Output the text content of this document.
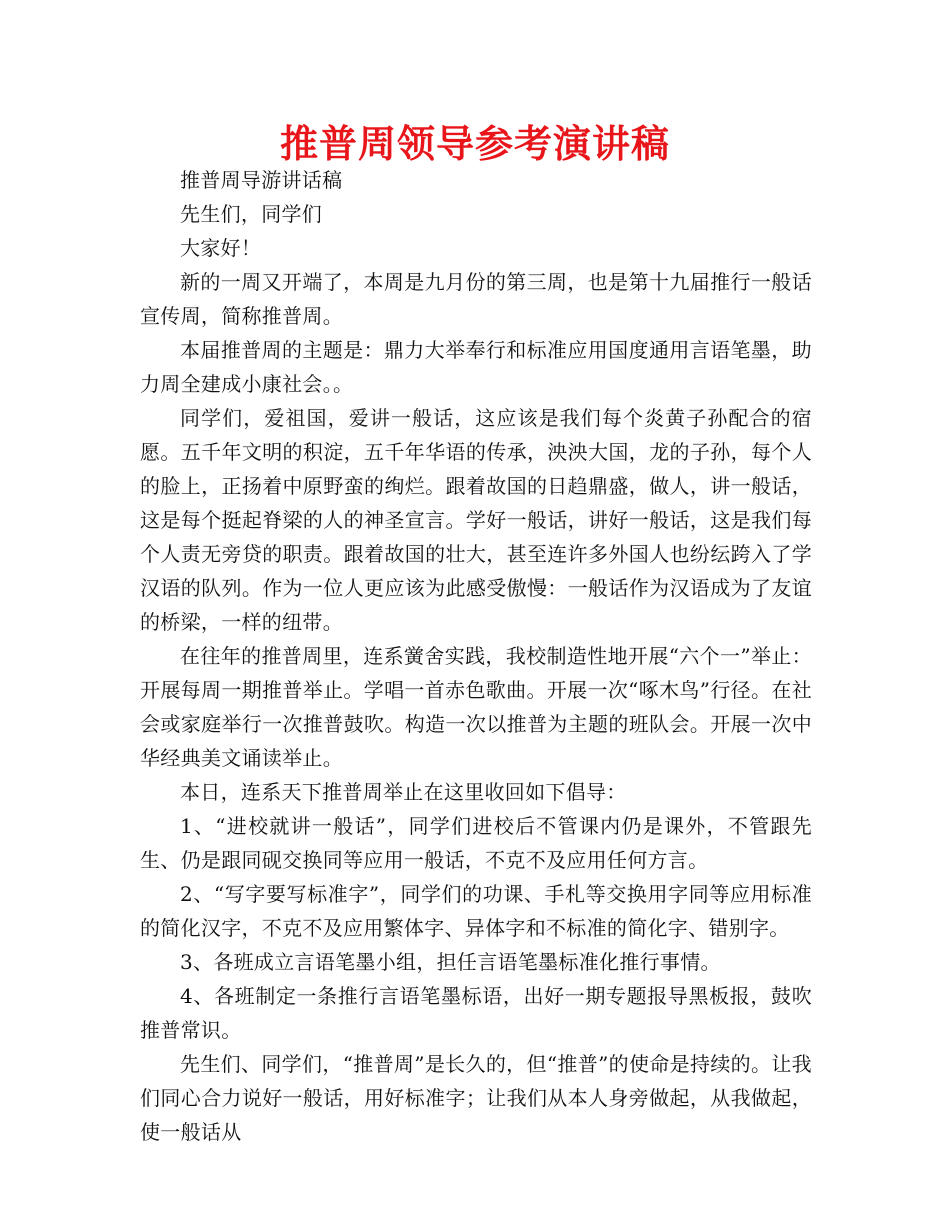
推普周领导参考演讲稿

推普周导游讲话稿

先生们，同学们

大家好！

新的一周又开端了，本周是九月份的第三周，也是第十九届推行一般话宣传周，简称推普周。

本届推普周的主题是：鼎力大举奉行和标准应用国度通用言语笔墨，助力周全建成小康社会。。

同学们，爱祖国，爱讲一般话，这应该是我们每个炎黄子孙配合的宿愿。五千年文明的积淀，五千年华语的传承，泱泱大国，龙的子孙，每个人的脸上，正扬着中原野蛮的绚烂。跟着故国的日趋鼎盛，做人，讲一般话，这是每个挺起脊梁的人的神圣宣言。学好一般话，讲好一般话，这是我们每个人责无旁贷的职责。跟着故国的壮大，甚至连许多外国人也纷纭跨入了学汉语的队列。作为一位人更应该为此感受傲慢：一般话作为汉语成为了友谊的桥梁，一样的纽带。

在往年的推普周里，连系黉舍实践，我校制造性地开展“六个一”举止：开展每周一期推普举止。学唱一首赤色歌曲。开展一次“啄木鸟”行径。在社会或家庭举行一次推普鼓吹。构造一次以推普为主题的班队会。开展一次中华经典美文诵读举止。

本日，连系天下推普周举止在这里收回如下倡导：

1、“进校就讲一般话”，同学们进校后不管课内仍是课外，不管跟先生、仍是跟同砚交换同等应用一般话，不克不及应用任何方言。

2、“写字要写标准字”，同学们的功课、手札等交换用字同等应用标准的简化汉字，不克不及应用繁体字、异体字和不标准的简化字、错别字。

3、各班成立言语笔墨小组，担任言语笔墨标准化推行事情。

4、各班制定一条推行言语笔墨标语，出好一期专题报导黑板报，鼓吹推普常识。

先生们、同学们，“推普周”是长久的，但“推普”的使命是持续的。让我们同心合力说好一般话，用好标准字；让我们从本人身旁做起，从我做起，使一般话从
